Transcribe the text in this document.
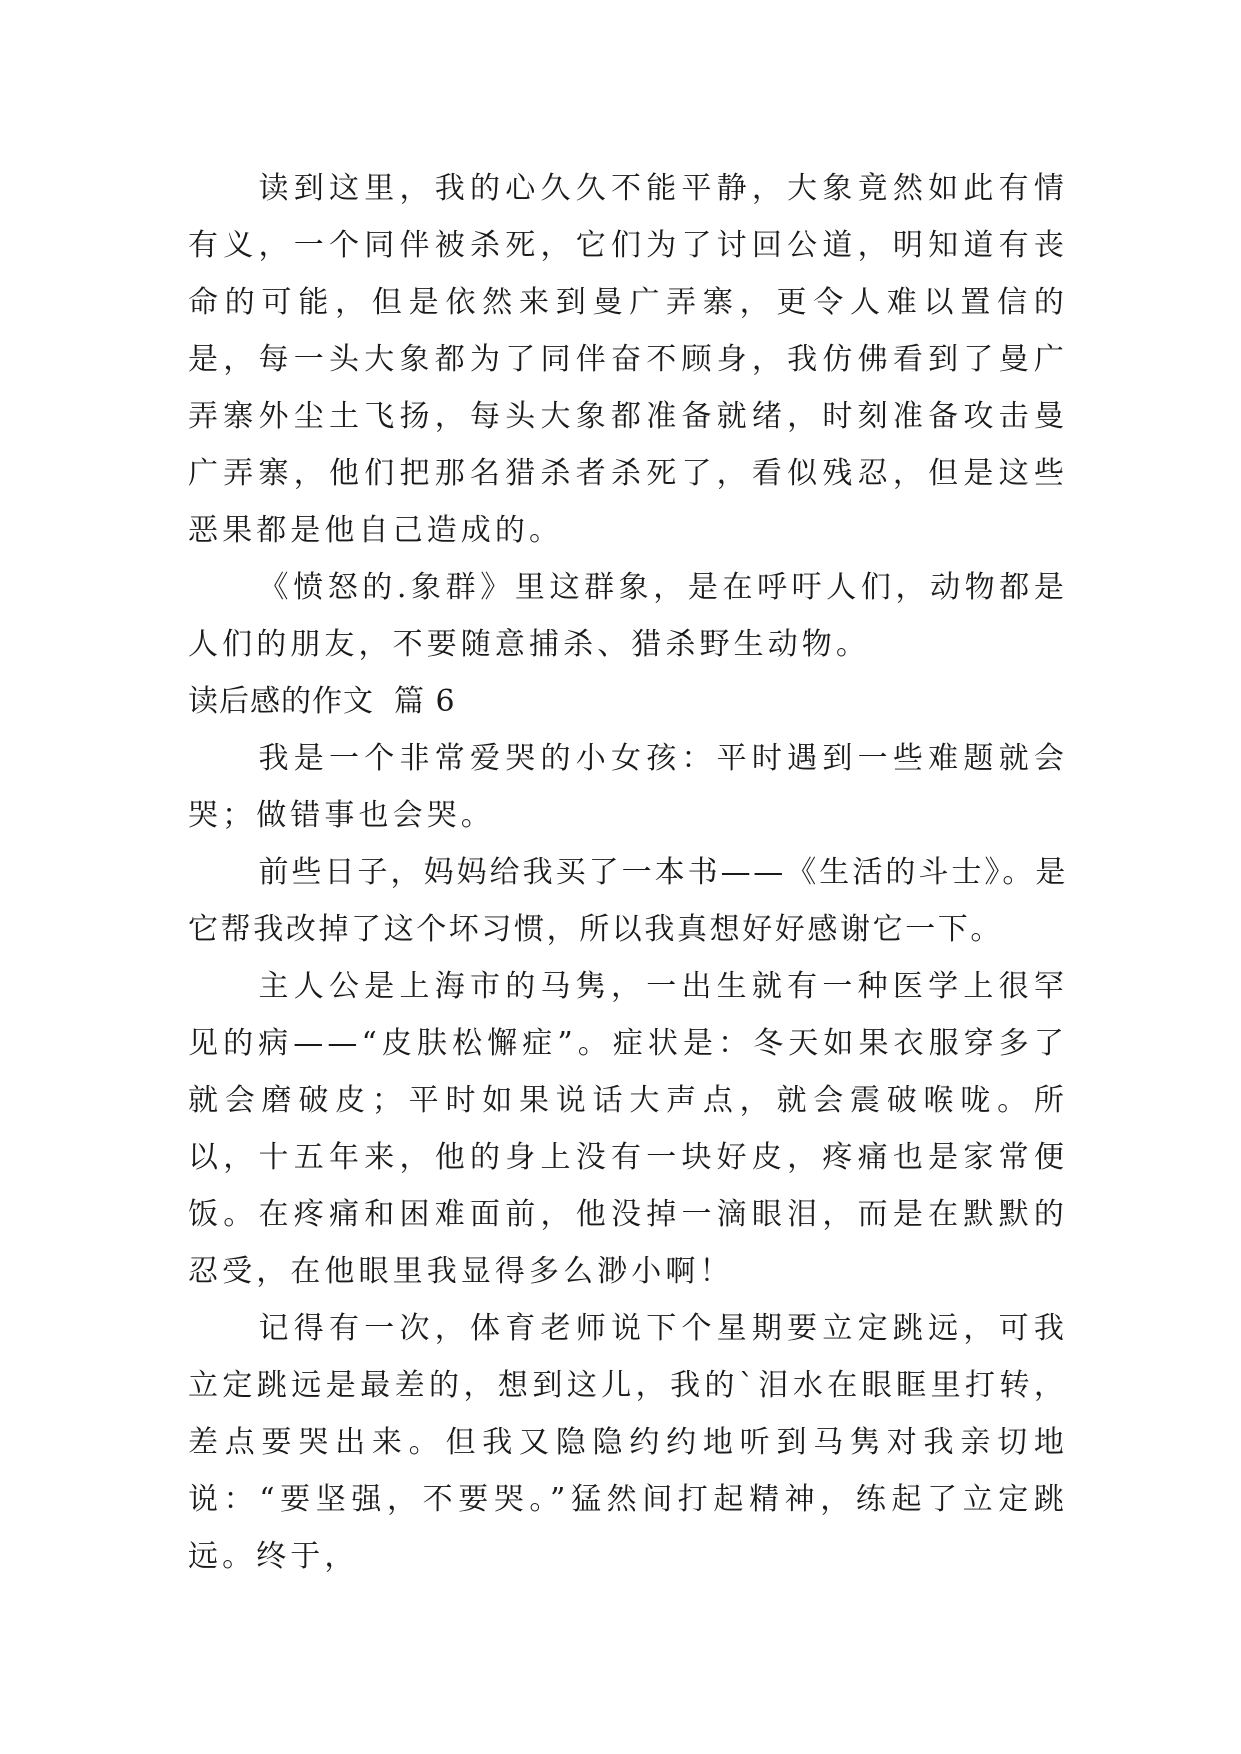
读到这里，我的心久久不能平静，大象竟然如此有情有义，一个同伴被杀死，它们为了讨回公道，明知道有丧命的可能，但是依然来到曼广弄寨，更令人难以置信的是，每一头大象都为了同伴奋不顾身，我仿佛看到了曼广弄寨外尘土飞扬，每头大象都准备就绪，时刻准备攻击曼广弄寨，他们把那名猎杀者杀死了，看似残忍，但是这些恶果都是他自己造成的。

《愤怒的.象群》里这群象，是在呼吁人们，动物都是人们的朋友，不要随意捕杀、猎杀野生动物。

读后感的作文 篇 6

我是一个非常爱哭的小女孩：平时遇到一些难题就会哭；做错事也会哭。

前些日子，妈妈给我买了一本书——《生活的斗士》。是它帮我改掉了这个坏习惯，所以我真想好好感谢它一下。

主人公是上海市的马隽，一出生就有一种医学上很罕见的病——“皮肤松懈症”。症状是：冬天如果衣服穿多了就会磨破皮；平时如果说话大声点，就会震破喉咙。所以，十五年来，他的身上没有一块好皮，疼痛也是家常便饭。在疼痛和困难面前，他没掉一滴眼泪，而是在默默的忍受，在他眼里我显得多么渺小啊！

记得有一次，体育老师说下个星期要立定跳远，可我立定跳远是最差的，想到这儿，我的`泪水在眼眶里打转，差点要哭出来。但我又隐隐约约地听到马隽对我亲切地说：“要坚强，不要哭。”猛然间打起精神，练起了立定跳远。终于，
